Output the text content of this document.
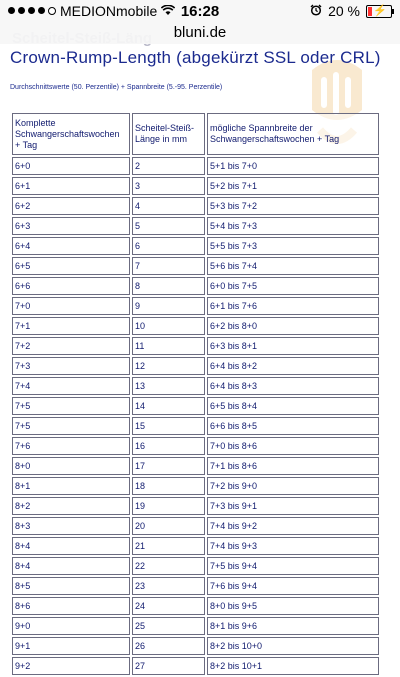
MEDIONmobile	16:28	20 % ⚡
bluni.de
Crown-Rump-Length (abgekürzt SSL oder CRL)
Durchschnittswerte (50. Perzentile) + Spannbreite (5.-95. Perzentile)
Komplette Schwangerschaftswochen + Tag	Scheitel-Steiß-Länge in mm	mögliche Spannbreite der Schwangerschaftswochen + Tag
6+0	2	5+1 bis 7+0
6+1	3	5+2 bis 7+1
6+2	4	5+3 bis 7+2
6+3	5	5+4 bis 7+3
6+4	6	5+5 bis 7+3
6+5	7	5+6 bis 7+4
6+6	8	6+0 bis 7+5
7+0	9	6+1 bis 7+6
7+1	10	6+2 bis 8+0
7+2	11	6+3 bis 8+1
7+3	12	6+4 bis 8+2
7+4	13	6+4 bis 8+3
7+5	14	6+5 bis 8+4
7+5	15	6+6 bis 8+5
7+6	16	7+0 bis 8+6
8+0	17	7+1 bis 8+6
8+1	18	7+2 bis 9+0
8+2	19	7+3 bis 9+1
8+3	20	7+4 bis 9+2
8+4	21	7+4 bis 9+3
8+4	22	7+5 bis 9+4
8+5	23	7+6 bis 9+4
8+6	24	8+0 bis 9+5
9+0	25	8+1 bis 9+6
9+1	26	8+2 bis 10+0
9+2	27	8+2 bis 10+1
